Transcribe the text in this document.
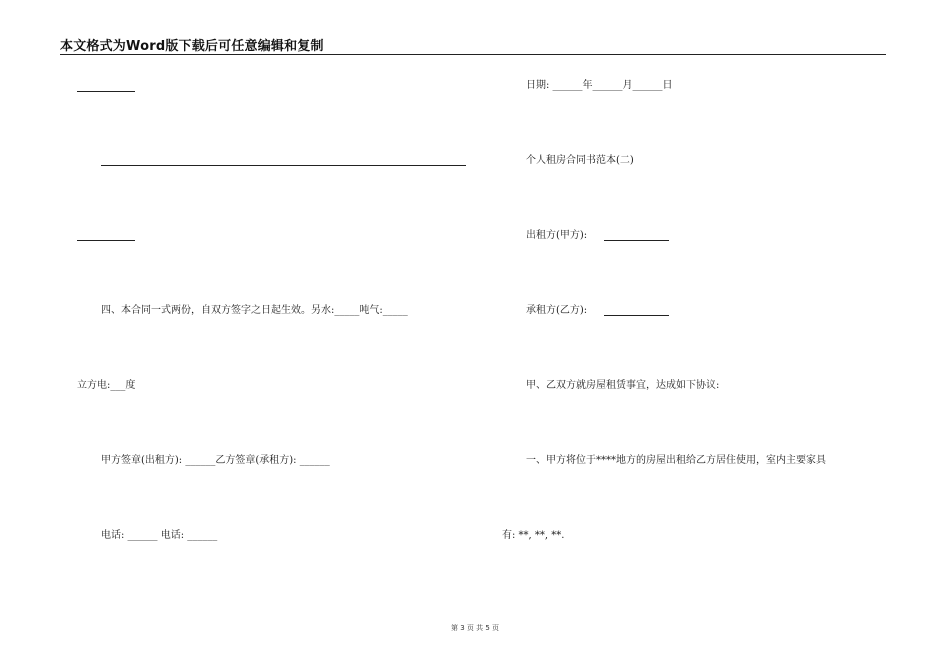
本文格式为Word版下载后可任意编辑和复制
四、本合同一式两份，自双方签字之日起生效。另水:_____吨气:_____
立方电:___度
甲方签章(出租方): ______乙方签章(承租方): ______
电话: ______ 电话: ______
日期: ______年______月______日
个人租房合同书范本(二)
出租方(甲方):
承租方(乙方):
甲、乙双方就房屋租赁事宜，达成如下协议:
一、甲方将位于****地方的房屋出租给乙方居住使用，室内主要家具
有: **, **, **.
第 3 页 共 5 页
